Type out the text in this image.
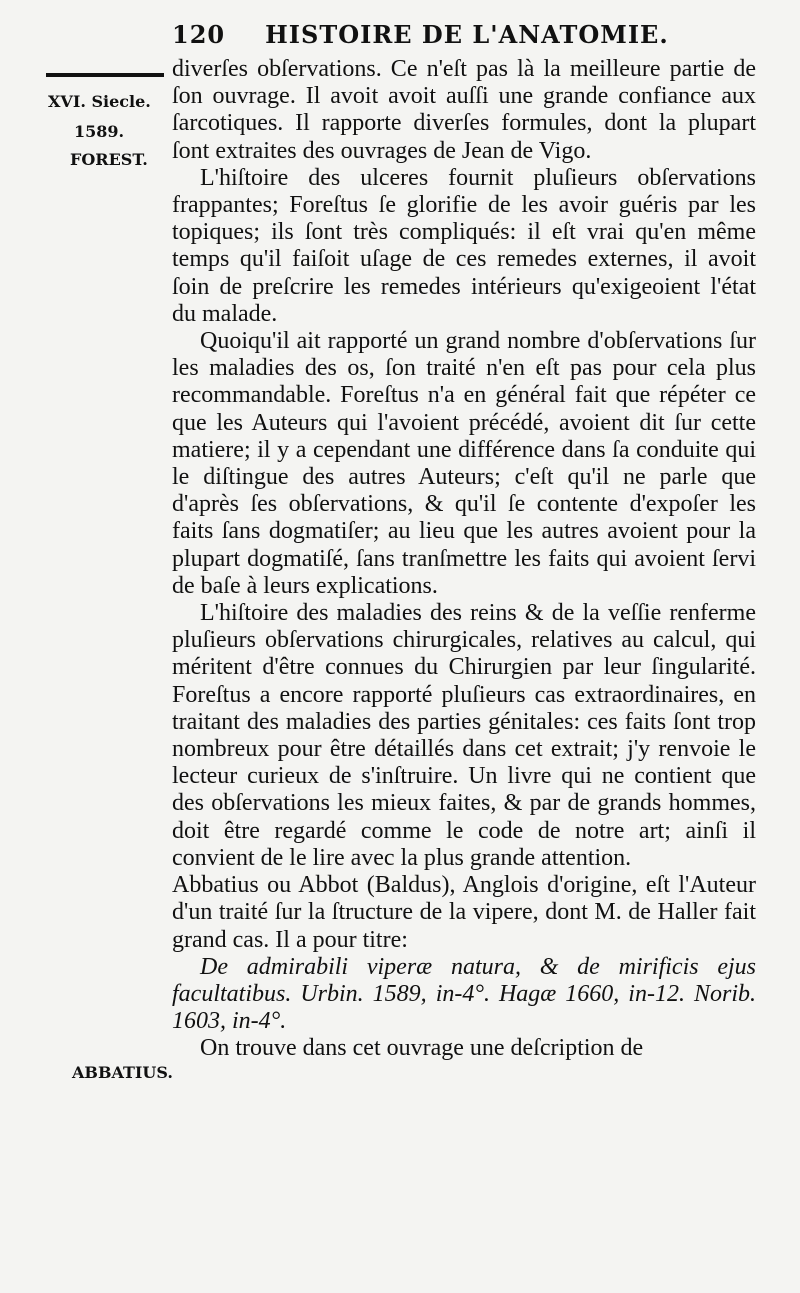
120 HISTOIRE DE L'ANATOMIE.
XVI. Siecle.
1589.
FOREST.
ABBATIUS.

diverſes obſervations. Ce n'eſt pas là la meilleure partie de ſon ouvrage. Il avoit avoit auſſi une grande confiance aux ſarcotiques. Il rapporte diverſes formules, dont la plupart ſont extraites des ouvrages de Jean de Vigo.

L'hiſtoire des ulceres fournit pluſieurs obſervations frappantes; Foreſtus ſe glorifie de les avoir guéris par les topiques; ils ſont très compliqués: il eſt vrai qu'en même temps qu'il faiſoit uſage de ces remedes externes, il avoit ſoin de preſcrire les remedes intérieurs qu'exigeoient l'état du malade.

Quoiqu'il ait rapporté un grand nombre d'obſervations ſur les maladies des os, ſon traité n'en eſt pas pour cela plus recommandable. Foreſtus n'a en général fait que répéter ce que les Auteurs qui l'avoient précédé, avoient dit ſur cette matiere; il y a cependant une différence dans ſa conduite qui le diſtingue des autres Auteurs; c'eſt qu'il ne parle que d'après ſes obſervations, & qu'il ſe contente d'expoſer les faits ſans dogmatiſer; au lieu que les autres avoient pour la plupart dogmatiſé, ſans tranſmettre les faits qui avoient ſervi de baſe à leurs explications.

L'hiſtoire des maladies des reins & de la veſſie renferme pluſieurs obſervations chirurgicales, relatives au calcul, qui méritent d'être connues du Chirurgien par leur ſingularité. Foreſtus a encore rapporté pluſieurs cas extraordinaires, en traitant des maladies des parties génitales: ces faits ſont trop nombreux pour être détaillés dans cet extrait; j'y renvoie le lecteur curieux de s'inſtruire. Un livre qui ne contient que des obſervations les mieux faites, & par de grands hommes, doit être regardé comme le code de notre art; ainſi il convient de le lire avec la plus grande attention.

Abbatius ou Abbot (Baldus), Anglois d'origine, eſt l'Auteur d'un traité ſur la ſtructure de la vipere, dont M. de Haller fait grand cas. Il a pour titre:

De admirabili viperæ natura, & de mirificis ejus facultatibus. Urbin. 1589, in-4°. Hagæ 1660, in-12. Norib. 1603, in-4°.

On trouve dans cet ouvrage une deſcription de
